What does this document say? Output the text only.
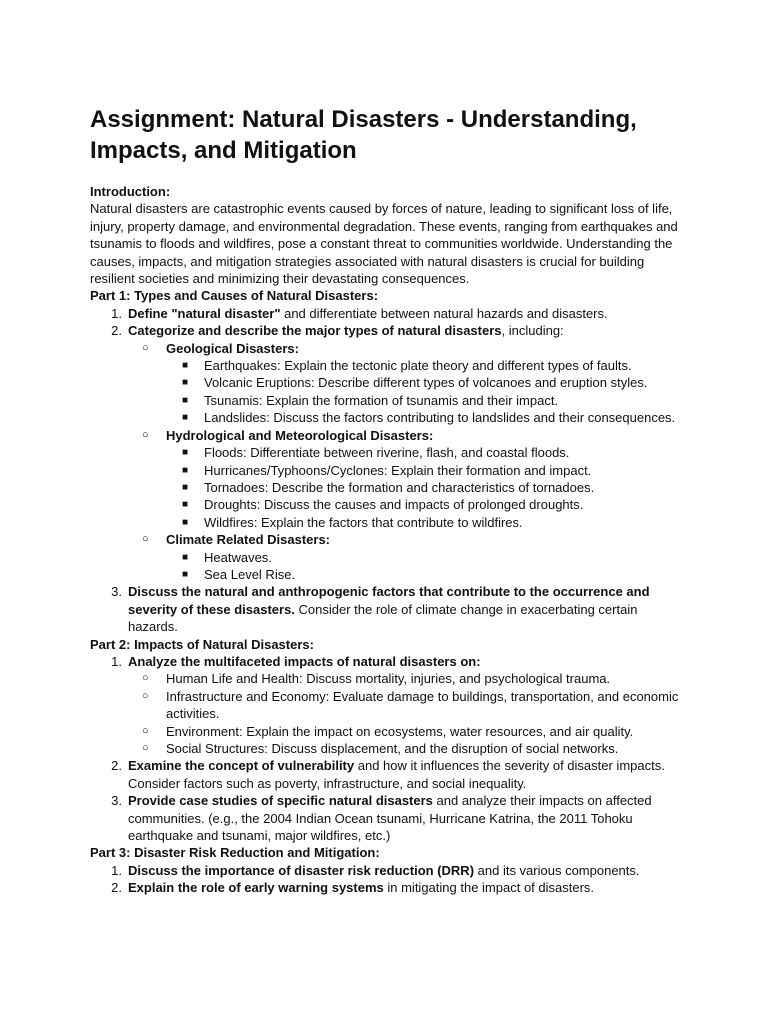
Assignment: Natural Disasters - Understanding, Impacts, and Mitigation
Introduction:
Natural disasters are catastrophic events caused by forces of nature, leading to significant loss of life, injury, property damage, and environmental degradation. These events, ranging from earthquakes and tsunamis to floods and wildfires, pose a constant threat to communities worldwide. Understanding the causes, impacts, and mitigation strategies associated with natural disasters is crucial for building resilient societies and minimizing their devastating consequences.
Part 1: Types and Causes of Natural Disasters:
1. Define "natural disaster" and differentiate between natural hazards and disasters.
2. Categorize and describe the major types of natural disasters, including:
○ Geological Disasters:
■ Earthquakes: Explain the tectonic plate theory and different types of faults.
■ Volcanic Eruptions: Describe different types of volcanoes and eruption styles.
■ Tsunamis: Explain the formation of tsunamis and their impact.
■ Landslides: Discuss the factors contributing to landslides and their consequences.
○ Hydrological and Meteorological Disasters:
■ Floods: Differentiate between riverine, flash, and coastal floods.
■ Hurricanes/Typhoons/Cyclones: Explain their formation and impact.
■ Tornadoes: Describe the formation and characteristics of tornadoes.
■ Droughts: Discuss the causes and impacts of prolonged droughts.
■ Wildfires: Explain the factors that contribute to wildfires.
○ Climate Related Disasters:
■ Heatwaves.
■ Sea Level Rise.
3. Discuss the natural and anthropogenic factors that contribute to the occurrence and severity of these disasters. Consider the role of climate change in exacerbating certain hazards.
Part 2: Impacts of Natural Disasters:
1. Analyze the multifaceted impacts of natural disasters on:
○ Human Life and Health: Discuss mortality, injuries, and psychological trauma.
○ Infrastructure and Economy: Evaluate damage to buildings, transportation, and economic activities.
○ Environment: Explain the impact on ecosystems, water resources, and air quality.
○ Social Structures: Discuss displacement, and the disruption of social networks.
2. Examine the concept of vulnerability and how it influences the severity of disaster impacts. Consider factors such as poverty, infrastructure, and social inequality.
3. Provide case studies of specific natural disasters and analyze their impacts on affected communities. (e.g., the 2004 Indian Ocean tsunami, Hurricane Katrina, the 2011 Tohoku earthquake and tsunami, major wildfires, etc.)
Part 3: Disaster Risk Reduction and Mitigation:
1. Discuss the importance of disaster risk reduction (DRR) and its various components.
2. Explain the role of early warning systems in mitigating the impact of disasters.
